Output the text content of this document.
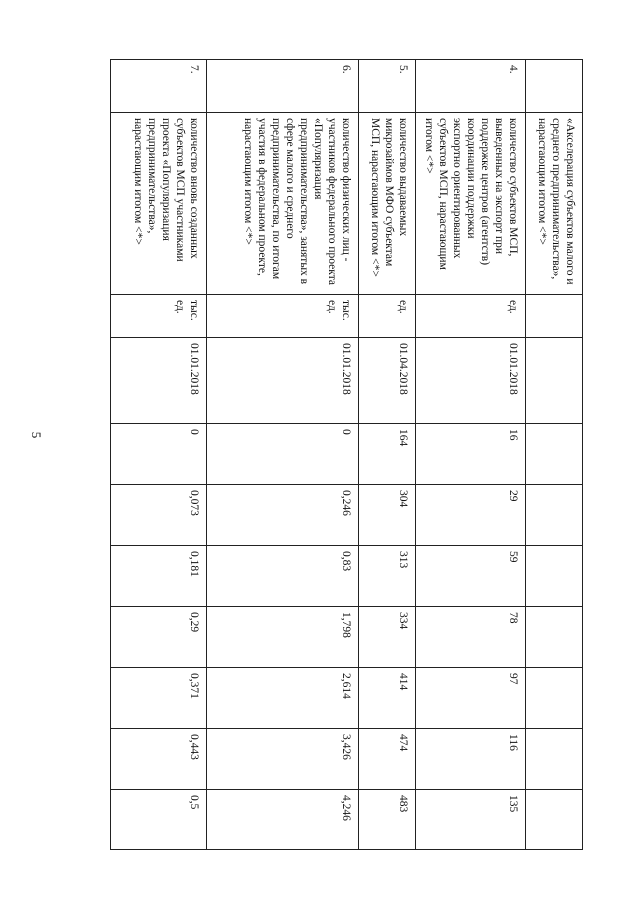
5
	«Акселерация субъектов малого и среднего предпринимательства», нарастающим итогом <*>									
4.	количество субъектов МСП, выведенных на экспорт при поддержке центров (агентств) координации поддержки экспортно ориентированных субъектов МСП, нарастающим итогом <*>	ед.	01.01.2018	16	29	59	78	97	116	135
5.	количество выдаваемых микрозаймов МФО субъектам МСП, нарастающим итогом <*>	ед.	01.04.2018	164	304	313	334	414	474	483
6.	количество физических лиц - участников федерального проекта «Популяризация предпринимательства», занятых в сфере малого и среднего предпринимательства, по итогам участия в федеральном проекте, нарастающим итогом <*>	тыс. ед.	01.01.2018	0	0,246	0,83	1,798	2,614	3,426	4,246
7.	количество вновь созданных субъектов МСП участниками проекта «Популяризация предпринимательства», нарастающим итогом <*>	тыс. ед.	01.01.2018	0	0,073	0,181	0,29	0,371	0,443	0,5
